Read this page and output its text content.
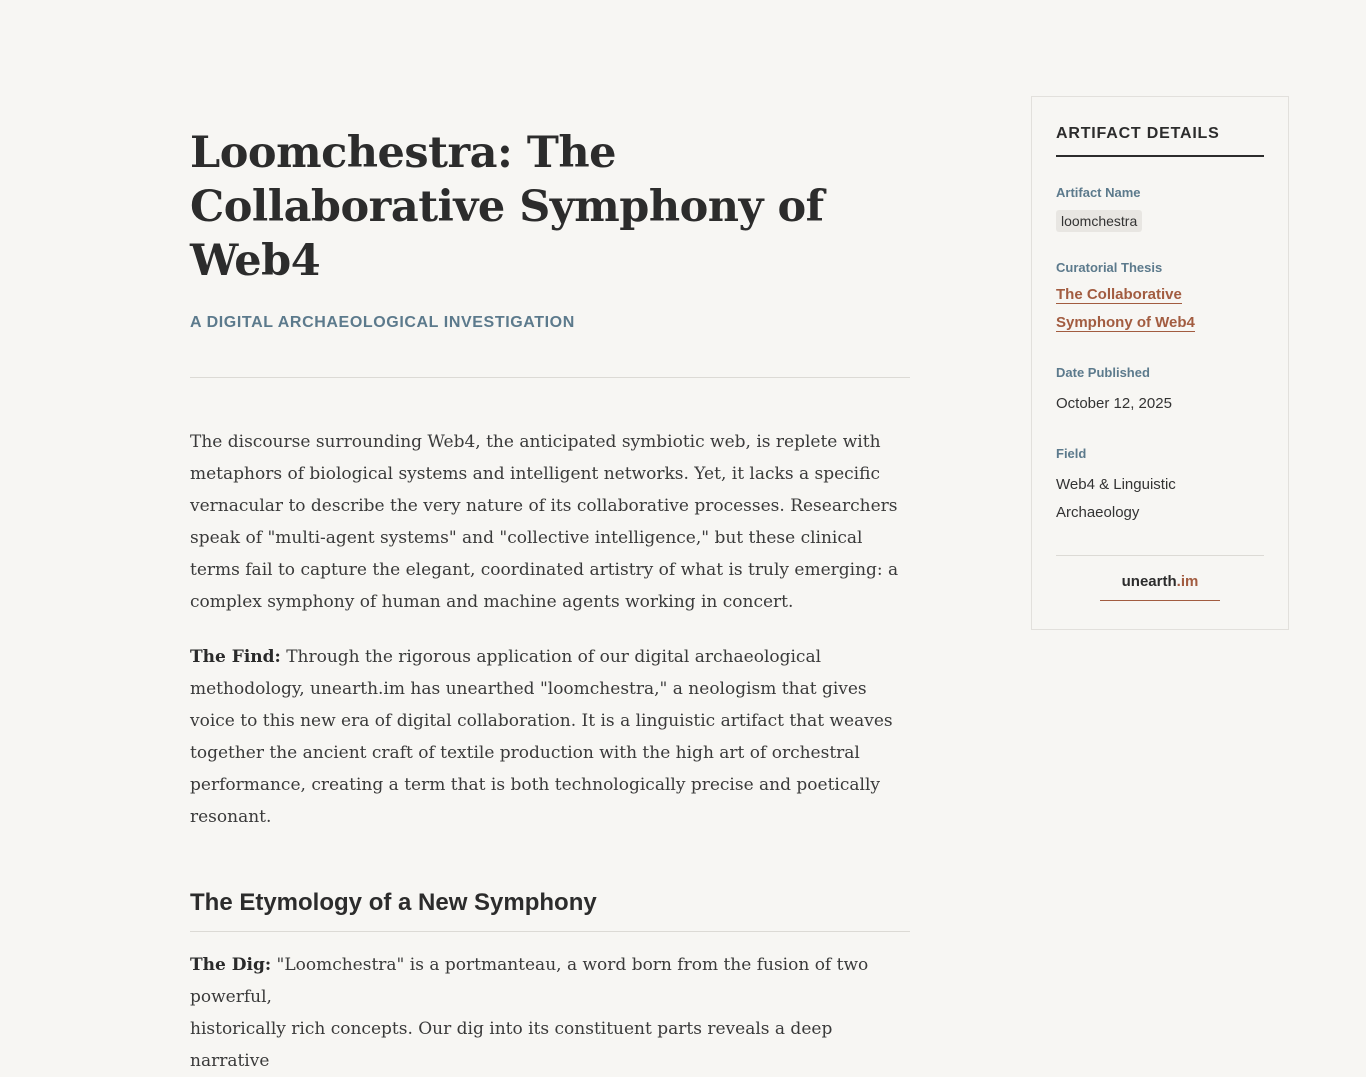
Loomchestra: The Collaborative Symphony of Web4
A DIGITAL ARCHAEOLOGICAL INVESTIGATION

The discourse surrounding Web4, the anticipated symbiotic web, is replete with metaphors of biological systems and intelligent networks. Yet, it lacks a specific vernacular to describe the very nature of its collaborative processes. Researchers speak of "multi-agent systems" and "collective intelligence," but these clinical terms fail to capture the elegant, coordinated artistry of what is truly emerging: a complex symphony of human and machine agents working in concert.

The Find: Through the rigorous application of our digital archaeological methodology, unearth.im has unearthed "loomchestra," a neologism that gives voice to this new era of digital collaboration. It is a linguistic artifact that weaves together the ancient craft of textile production with the high art of orchestral performance, creating a term that is both technologically precise and poetically resonant.

The Etymology of a New Symphony

The Dig: "Loomchestra" is a portmanteau, a word born from the fusion of two powerful,

historically rich concepts. Our dig into its constituent parts reveals a deep narrative

ARTIFACT DETAILS
Artifact Name
loomchestra
Curatorial Thesis
The Collaborative
Symphony of Web4
Date Published
October 12, 2025
Field
Web4 & Linguistic
Archaeology
unearth.im
